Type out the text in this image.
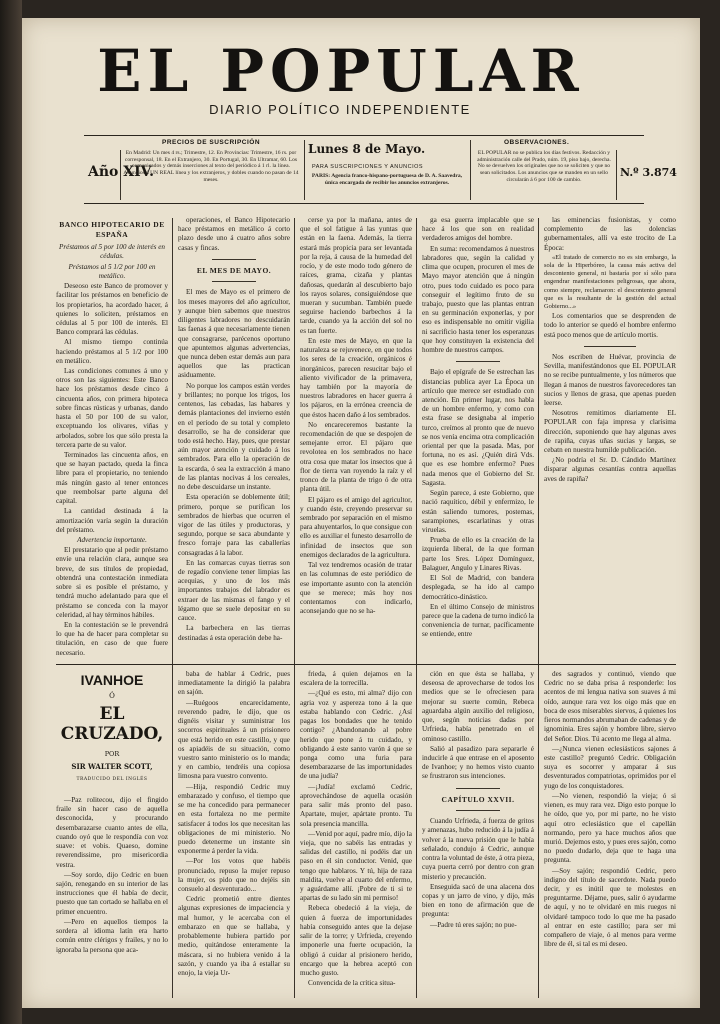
EL POPULAR
DIARIO POLÍTICO INDEPENDIENTE
PRECIOS DE SUSCRIPCIÓN
Año XIV.
En Madrid: Un mes 4 rs.; Trimestre, 12. En Provincias: Trimestre, 16 rs. por corresponsal, 18. En el Extranjero, 30. En Portugal, 30. En Ultramar, 60. Los comunicados y demás inserciones al texto del periódico á 1 rl. la línea. Anuncios á UN REAL línea y los extranjeros, y dobles cuando no pasan de 14 meses.
Lunes 8 de Mayo.
PARA SUSCRIPCIONES Y ANUNCIOS
PARIS: Agencia franco-hispano-portuguesa de D. A. Saavedra, única encargada de recibir los anuncios extranjeros.
OBSERVACIONES.
EL POPULAR no se publica los días festivos. Redacción y administración calle del Prado, núm. 19, piso bajo, derecha. No se devuelven los originales que no se soliciten y que no sean solicitados. Los anuncios que se manden en un sello circularán á 6 por 100 de cambio.
N.º 3.874

BANCO HIPOTECARIO DE ESPAÑA

Préstamos al 5 por 100 de interés en cédulas.

Préstamos al 5 1/2 por 100 en metálico.

Deseoso este Banco de promover y facilitar los préstamos en beneficio de los propietarios, ha acordado hacer, á quienes lo soliciten, préstamos en cédulas al 5 por 100 de interés. El Banco comprará las cédulas.

Al mismo tiempo continúa haciendo préstamos al 5 1/2 por 100 en metálico.

Las condiciones comunes á uno y otros son las siguientes: Este Banco hace los préstamos desde cinco á cincuenta años, con primera hipoteca sobre fincas rústicas y urbanas, dando hasta el 50 por 100 de su valor, exceptuando los olivares, viñas y arbolados, sobre los que sólo presta la tercera parte de su valor.

Terminados las cincuenta años, en que se hayan pactado, queda la finca libre para el propietario, no teniendo más ningún gasto al tener entonces que reembolsar parte alguna del capital.

La cantidad destinada á la amortización varía según la duración del préstamo.

Advertencia importante.

El prestatario que al pedir préstamo envíe una relación clara, aunque sea breve, de sus títulos de propiedad, obtendrá una contestación inmediata sobre si es posible el préstamo, y tendrá mucho adelantado para que el préstamo se conceda con la mayor celeridad, al hay términos hábiles.

En la contestación se le prevendrá lo que ha de hacer para completar su titulación, en caso de que fuere necesario.

IVANHOE
Ó
EL CRUZADO,
POR
SIR WALTER SCOTT,
TRADUCIDO DEL INGLÉS

—Paz rolitecou, dijo el fingido fraile sin hacer caso de aquella desconocida, y procurando desembarazarse cuanto antes de ella, cuando oyó que le respondía con voz suave: et vobis. Quaeso, domine reverendissime, pro misericordia vestra.

—Soy sordo, dijo Cedric en buen sajón, renegando en su interior de las instrucciones que él había de decir, puesto que tan cortado se hallaba en el primer encuentro.

—Pero en aquellos tiempos la sordera al idioma latín era harto común entre clérigos y frailes, y no lo ignoraba la persona que aca-

operaciones, el Banco Hipotecario hace préstamos en metálico á corto plazo desde uno á cuatro años sobre casas y fincas.

EL MES DE MAYO.

El mes de Mayo es el primero de los meses mayores del año agrícultor, y aunque bien sabemos que nuestros diligentes labradores no descuidarán las faenas á que necesariamente tienen que consagrarse, parécenos oportuno que apuntemos algunas advertencias, que nunca deben estar demás aun para aquellos que las practican asiduamente.

No porque los campos están verdes y brillantes; no porque los trigos, los centenos, las cebadas, las habares y demás plantaciones del invierno estén en el período de su total y completo desarrollo, se ha de considerar que todo está hecho. Hay, pues, que prestar aún mayor atención y cuidado á los sembrados. Para ello la operación de la escarda, ó sea la extracción á mano de las plantas nocivas á los cereales, no debe descuidarse un instante.

Esta operación se doblemente útil; primero, porque se purifican los sembrados de hierbas que ocurren el vigor de las útiles y productoras, y segundo, porque se saca abundante y fresco forraje para las caballerías consagradas á la labor.

En las comarcas cuyas tierras son de regadío conviene tener limpias las acequias, y uno de los más importantes trabajos del labrador es extraer de las mismas el fango y el légamo que se suele depositar en su cauce.

La barbechera en las tierras destinadas á esta operación debe ha-

baba de hablar á Cedric, pues inmediatamente la dirigió la palabra en sajón.

—Ruégoos encarecidamente, reverendo padre, le dijo, que os dignéis visitar y suministrar los socorros espirituales á un prisionero que está herido en este castillo, y que os apiadéis de su situación, como vuestro santo ministerio os lo manda; y en cambio, tendréis una copiosa limosna para vuestro convento.

—Hija, respondió Cedric muy embarazado y confuso, el tiempo que se me ha concedido para permanecer en esta fortaleza no me permite satisfacer á todos los que necesitan las obligaciones de mi ministerio. No puedo detenerme un instante sin exponerme á perder la vida.

—Por los votos que habéis pronunciado, repuso la mujer repuso la mujer, os pido que no dejéis sin consuelo al desventurado...

Cedric prometió entre dientes algunas expresiones de impaciencia y mal humor, y le acercaba con el embarazo en que se hallaba, y probablemente hubiera partido por medio, quitándose enteramente la máscara, si no hubiera venido á la sazón, y cuando ya iba á estallar su enojo, la vieja Ur-

cerse ya por la mañana, antes de que el sol fatigue á las yuntas que están en la faena. Además, la tierra estará más propicia para ser levantada por la reja, á causa de la humedad del rocío, y de este modo todo género de raíces, grama, cizaña y plantas dañosas, quedarán al descubierto bajo los rayos solares, consiguiéndose que mueran y sucumban. También puede seguirse haciendo barbechos á la tarde, cuando ya la acción del sol no es tan fuerte.

En este mes de Mayo, en que la naturaleza se rejuvenece, en que todos los seres de la creación, orgánicos é inorgánicos, parecen resucitar bajo el aliento vivificador de la primavera, hay también por la mayoría de nuestros labradores en hacer guerra á los pájaros, en la errónea creencia de que éstos hacen daño á los sembrados.

No encareceremos bastante la recomendación de que se despojen de semejante error. El pájaro que revolotea en los sembrados no hace otra cosa que matar los insectos que á flor de tierra van royendo la raíz y el tronco de la planta de trigo ó de otra planta útil.

El pájaro es el amigo del agricultor, y cuando éste, creyendo preservar su sembrado por separación en el mismo para ahuyentarlos, lo que consigue con ello es auxiliar el funesto desarrollo de infinidad de insectos que son enemigos declarados de la agricultura.

Tal vez tendremos ocasión de tratar en las columnas de este periódico de ese importante asunto con la atención que se merece; más hoy nos contentamos con indicarlo, aconsejando que no se ha-

frieda, á quien dejamos en la escalera de la torrecilla.

—¿Qué es esto, mi alma? dijo con agria voz y aspereza tono á la que estaba hablando con Cedric. ¿Así pagas los bondades que he tenido contigo? ¿Abandonando al pobre herido que pone á tu cuidado, y obligando á este santo varón á que se ponga como una furia para desembarazarse de las importunidades de una judía?

—¡Judía! exclamó Cedric, aprovechándose de aquella ocasión para salir más pronto del paso. Apartate, mujer, apártate pronto. Tu sola presencia mancilla.

—Venid por aquí, padre mío, dijo la vieja, que no sabéis las entradas y salidas del castillo, ni podéis dar un paso en él sin conductor. Venid, que tengo que hablaros. Y tú, hija de raza maldita, vuelve al cuarto del enfermo, y aguárdame allí. ¡Pobre de ti si te apartas de su lado sin mi permiso!

Rebeca obedeció á la vieja, de quien á fuerza de importunidades había conseguido antes que la dejase salir de la torre; y Urfrieda, creyendo imponerle una fuerte ocupación, la obligó á cuidar al prisionero herido, encargo que la hebrea aceptó con mucho gusto.

Convencida de la crítica situa-

ga esa guerra implacable que se hace á los que son en realidad verdaderos amigos del hombre.

En suma: recomendamos á nuestros labradores que, según la calidad y clima que ocupen, procuren el mes de Mayo mayor atención que á ningún otro, pues todo cuidado es poco para conseguir el legítimo fruto de su trabajo, puesto que las plantas entran en su germinación exponerlas, y por eso es indispensable no omitir vigilia ni sacrificio hasta tener los esperanzas que hoy constituyen la existencia del hombre de nuestros campos.

Bajo el epígrafe de Se estrechan las distancias publica ayer La Época un artículo que merece ser estudiado con atención. En primer lugar, nos habla de un hombre enfermo, y como con esta frase se designaba al imperio turco, creímos al pronto que de nuevo se nos venía encima otra complicación oriental per que la pasada. Mas, por fortuna, no es así. ¿Quién dirá Vds. que es ese hombre enfermo? Pues nada menos que el Gobierno del Sr. Sagasta.

Según parece, á este Gobierno, que nació raquítico, débil y enfermizo, le están saliendo tumores, postemas, sarampiones, escarlatinas y otras viruelas.

Prueba de ello es la creación de la izquierda liberal, de la que forman parte los Sres. López Domínguez, Balaguer, Angulo y Linares Rivas.

El Sol de Madrid, con bandera desplegada, se ha ido al campo democrático-dinástico.

En el último Consejo de ministros parece que la cadena de turno indicó la conveniencia de turnar, pacíficamente se entiende, entre

ción en que ésta se hallaba, y deseosa de aprovecharse de todos los medios que se le ofreciesen para mejorar su suerte común, Rebeca aguardaba algún auxilio del religioso, que, según noticias dadas por Urfrieda, había penetrado en el ominoso castillo.

Salió al pasadizo para separarle é inducirle á que entrase en el aposento de Ivanhoe; y no hemos visto cuanto se frustraron sus intenciones.

CAPÍTULO XXVII.

Cuando Urfrieda, á fuerza de gritos y amenazas, hubo reducido á la judía á volver á la nueva prisión que le había señalado, condujo á Cedric, aunque contra la voluntad de éste, á otra pieza, cuya puerta cerró por dentro con gran misterio y precaución.

Enseguida sacó de una alacena dos copas y un jarro de vino, y dijo, más bien en tono de afirmación que de pregunta:

—Padre tú eres sajón; no pue-

las eminencias fusionistas, y como complemento de las dolencias gubernamentales, allí va este trocito de La Época:

«El tratado de comercio no es sin embargo, la sola de la Hiperbóreo, la causa más activa del descontento general, ni bastaría por sí sólo para engendrar manifestaciones peligrosas, que ahora, como siempre, reclamaron: el descontento general que es la resultante de la gestión del actual Gobierno...»

Los comentarios que se desprenden de todo lo anterior se quedó el hombre enfermo está poco menos que de artículo mortis.

Nos escriben de Huévar, provincia de Sevilla, manifestándonos que EL POPULAR no se recibe puntualmente, y los números que llegan á manos de nuestros favorecedores tan sucios y llenos de grasa, que apenas pueden leerse.

Nosotros remitimos diariamente EL POPULAR con faja impresa y clarísima dirección, suponiendo que hay algunas aves de rapiña, cuyas uñas sucias y largas, se cebatn en nuestra humilde publicación.

¿No podría el Sr. D. Cándido Martínez disparar algunas cesantías contra aquellas aves de rapiña?

des sagrados y continuó, viendo que Cedric no se daba prisa á responderle: los acentos de mi lengua nativa son suaves á mi oído, aunque rara vez los oigo más que en boca de esos miserables siervos, á quienes los fieros normandos abrumaban de cadenas y de ignominia. Eres sajón y hombre libre, siervo del Señor. Dios. Tú acento me llega al alma.

—¿Nunca vienen eclesiásticos sajones á este castillo? preguntó Cedric. Obligación suya es socorrer y amparar á sus desventurados compatriotas, oprimidos por el yugo de los conquistadores.

—No vienen, respondió la vieja; ó si vienen, es muy rara vez. Digo esto porque lo he oído, que yo, por mi parte, no he visto aquí otro eclesiástico que el capellán normando, pero ya hace muchos años que murió. Dejemos esto, y pues eres sajón, como no puedo dudarlo, deja que te haga una pregunta.

—Soy sajón; respondió Cedric, pero indigno del título de sacerdote. Nada puedo decir, y es inútil que te molestes en preguntarme. Déjame, pues, salir ó ayudarme de aquí, y no te olvidaré en mis ruegos ni olvidaré tampoco todo lo que me ha pasado al entrar en este castillo; para ser mi compañero de viaje, ó al menos para verme libre de él, si tal es mi deseo.
